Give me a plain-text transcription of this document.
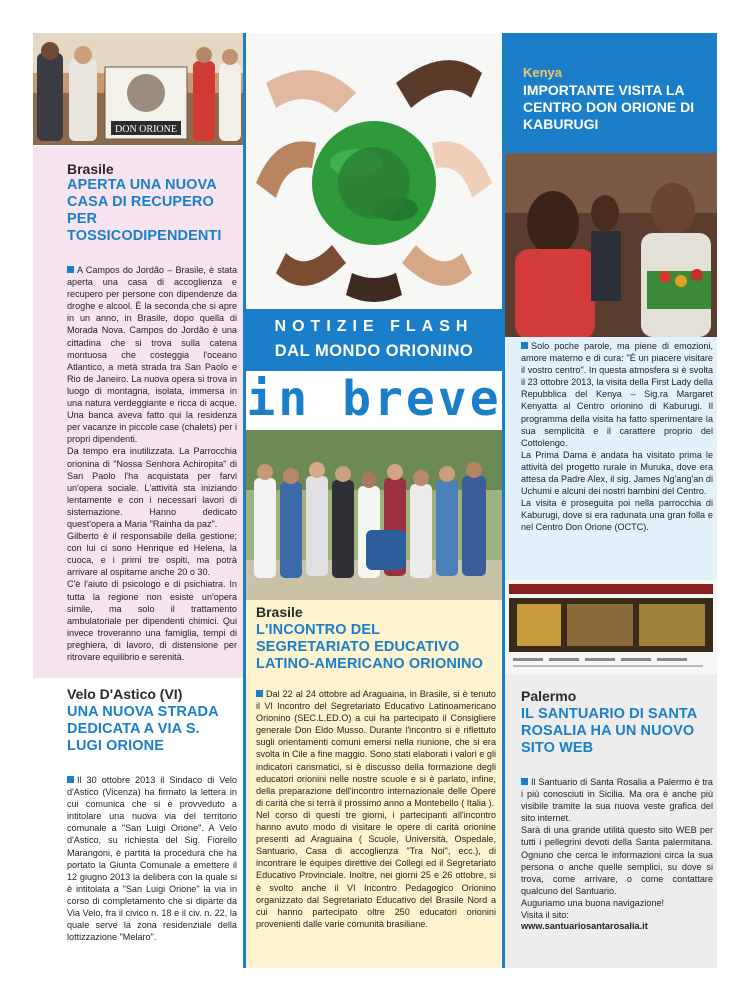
DON ORIONE
Brasile
APERTA UNA NUOVA CASA DI RECUPERO PER TOSSICODIPENDENTI
A Campos do Jordão – Brasile, è stata aperta una casa di accoglienza e recupero per persone con dipendenze da droghe e alcool. È la seconda che si apre in un anno, in Brasile, dopo quella di Morada Nova. Campos do Jordão è una cittadina che si trova sulla catena montuosa che costeggia l'oceano Atlantico, a metà strada tra San Paolo e Rio de Janeiro. La nuova opera si trova in luogo di montagna, isolata, immersa in una natura verdeggiante e ricca di acque. Una banca aveva fatto qui la residenza per vacanze in piccole case (chalets) per i propri dipendenti.
Da tempo era inutilizzata. La Parrocchia orionina di "Nossa Senhora Achiropita" di San Paolo l'ha acquistata per farvi un'opera sociale. L'attività sta iniziando lentamente e con i necessari lavori di sistemazione. Hanno dedicato quest'opera a Maria "Rainha da paz".
Gilberto è il responsabile della gestione; con lui ci sono Henrique ed Helena, la cuoca, e i primi tre ospiti, ma potrà arrivare al ospitarne anche 20 o 30.
C'è l'aiuto di psicologo e di psichiatra. In tutta la regione non esiste un'opera simile, ma solo il trattamento ambulatoriale per dipendenti chimici. Qui invece troveranno una famiglia, tempi di preghiera, di lavoro, di distensione per ritrovare equilibrio e serenità.
Velo D'Astico (VI)
UNA NUOVA STRADA DEDICATA A VIA S. LUGI ORIONE
Il 30 ottobre 2013 il Sindaco di Velo d'Astico (Vicenza) ha firmato la lettera in cui comunica che si è provveduto a intitolare una nuova via del territorio comunale a "San Luigi Orione". A Velo d'Astico, su richiesta del Sig. Fiorello Marangoni, è partita la procedura che ha portato la Giunta Comunale a emettere il 12 giugno 2013 la delibera con la quale si è intitolata a "San Luigi Orione" la via in corso di completamento che si diparte da Via Velo, fra il civico n. 18 e il civ. n. 22, la quale serve la zona residenziale della lottizzazione "Melaro".
NOTIZIE FLASH
DAL MONDO ORIONINO
in breve
Brasile
L'INCONTRO DEL SEGRETARIATO EDUCATIVO LATINO-AMERICANO ORIONINO
Dal 22 al 24 ottobre ad Araguaina, in Brasile, si è tenuto il VI Incontro del Segretariato Educativo Latinoamericano Orionino (SEC.L.ED.O) a cui ha partecipato il Consigliere generale Don Eldo Musso. Durante l'incontro si è riflettuto sugli orientamenti comuni emersi nella riunione, che si era svolta in Cile a fine maggio. Sono stati elaborati i valori e gli indicatori carismatici, si è discusso della formazione degli educatori orionini nelle nostre scuole e si è parlato, infine, della preparazione dell'incontro internazionale delle Opere di carità che si terrà il prossimo anno a Montebello ( Italia ).
Nel corso di questi tre giorni, i partecipanti all'incontro hanno avuto modo di visitare le opere di carità orionine presenti ad Araguaina ( Scuole, Università, Ospedale, Santuario, Casa di accoglienza "Tra Noi", ecc.), di incontrare le équipes direttive dei Collegi ed il Segretariato Educativo Provinciale. Inoltre, nei giorni 25 e 26 ottobre, si è svolto anche il VI Incontro Pedagogico Orionino organizzato dal Segretariato Educativo del Brasile Nord a cui hanno partecipato oltre 250 educatori orionini provenienti dalle varie comunità brasiliane.
Kenya
IMPORTANTE VISITA LA CENTRO DON ORIONE DI KABURUGI
Solo poche parole, ma piene di emozioni, amore materno e di cura: "È un piacere visitare il vostro centro". In questa atmosfera si è svolta il 23 ottobre 2013, la visita della First Lady della Repubblica del Kenya – Sig.ra Margaret Kenyatta al Centro orionino di Kaburugi. Il programma della visita ha fatto sperimentare la sua semplicità e il carattere proprio del Cottolengo.
La Prima Dama è andata ha visitato prima le attività del progetto rurale in Muruka, dove era attesa da Padre Alex, il sig. James Ng'ang'an di Uchumi e alcuni dei nostri bambini del Centro.
La visita è proseguita poi nella parrocchia di Kaburugi, dove si era radunata una gran folla e nel Centro Don Orione (OCTC).
Palermo
IL SANTUARIO DI SANTA ROSALIA HA UN NUOVO SITO WEB
Il Santuario di Santa Rosalia a Palermo è tra i più conosciuti in Sicilia. Ma ora è anche più visibile tramite la sua nuova veste grafica del sito internet.
Sarà di una grande utilità questo sito WEB per tutti i pellegrini devoti della Santa palermitana. Ognuno che cerca le informazioni circa la sua persona o anche quelle semplici, su dove si trova, come arrivare, o come contattare qualcuno del Santuario.
Auguriamo una buona navigazione!
Visita il sito:
www.santuariosantarosalia.it
